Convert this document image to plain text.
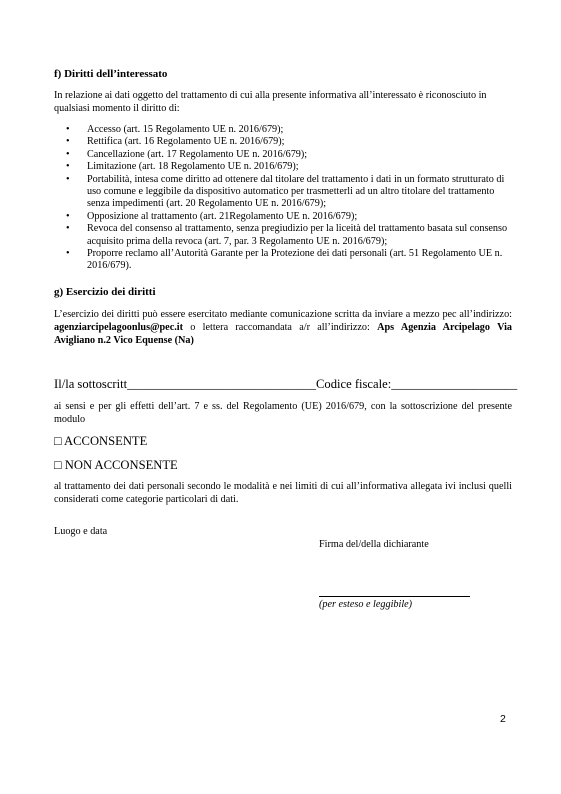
f) Diritti dell’interessato

In relazione ai dati oggetto del trattamento di cui alla presente informativa all’interessato è riconosciuto in qualsiasi momento il diritto di:

• Accesso (art. 15 Regolamento UE n. 2016/679);
• Rettifica (art. 16 Regolamento UE n. 2016/679);
• Cancellazione (art. 17 Regolamento UE n. 2016/679);
• Limitazione (art. 18 Regolamento UE n. 2016/679);
• Portabilità, intesa come diritto ad ottenere dal titolare del trattamento i dati in un formato strutturato di uso comune e leggibile da dispositivo automatico per trasmetterli ad un altro titolare del trattamento senza impedimenti (art. 20 Regolamento UE n. 2016/679);
• Opposizione al trattamento (art. 21Regolamento UE n. 2016/679);
• Revoca del consenso al trattamento, senza pregiudizio per la liceità del trattamento basata sul consenso acquisito prima della revoca (art. 7, par. 3 Regolamento UE n. 2016/679);
• Proporre reclamo all’Autorità Garante per la Protezione dei dati personali (art. 51 Regolamento UE n. 2016/679).

g) Esercizio dei diritti

L’esercizio dei diritti può essere esercitato mediante comunicazione scritta da inviare a mezzo pec all’indirizzo: agenziarcipelagoonlus@pec.it o lettera raccomandata a/r all’indirizzo: Aps Agenzia Arcipelago Via Avigliano n.2 Vico Equense (Na)

Il/la sottoscritt______________________________Codice fiscale:____________________

ai sensi e per gli effetti dell’art. 7 e ss. del Regolamento (UE) 2016/679, con la sottoscrizione del presente modulo

□ ACCONSENTE

□ NON ACCONSENTE

al trattamento dei dati personali secondo le modalità e nei limiti di cui all’informativa allegata ivi inclusi quelli considerati come categorie particolari di dati.

Luogo e data

Firma del/della dichiarante

(per esteso e leggibile)

2
